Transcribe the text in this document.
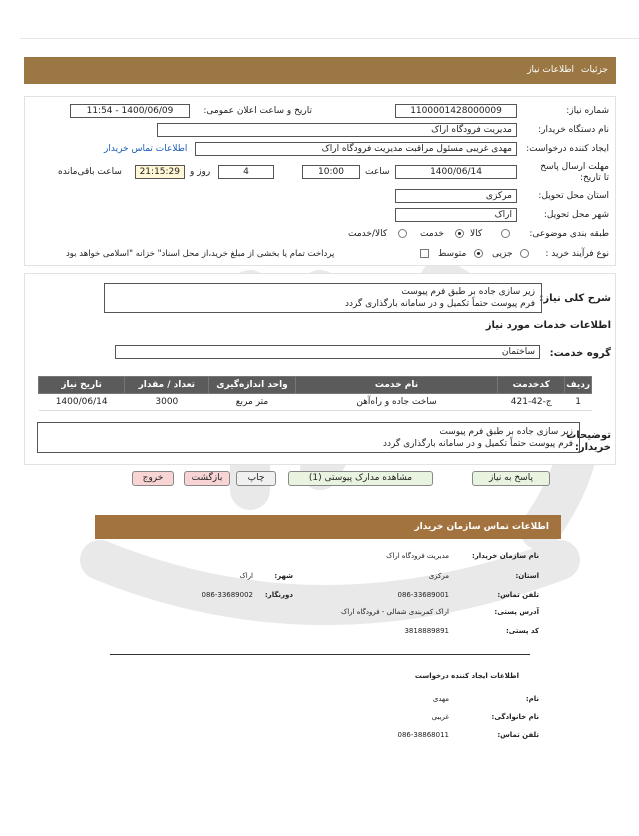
جزئیات
اطلاعات نیاز
شماره نیاز:
1100001428000009
تاریخ و ساعت اعلان عمومی:
1400/06/09 - 11:54
نام دستگاه خریدار:
مدیریت فرودگاه اراک
ایجاد کننده درخواست:
مهدی غریبی مسئول مراقبت مدیریت فرودگاه اراک
اطلاعات تماس خریدار
مهلت ارسال پاسخ تا تاریخ:
1400/06/14
ساعت
10:00
4
روز و
21:15:29
ساعت باقی‌مانده
استان محل تحویل:
مرکزی
شهر محل تحویل:
اراک
طبقه بندی موضوعی:
کالا
خدمت
کالا/خدمت
نوع فرآیند خرید :
جزیی
متوسط
پرداخت تمام یا بخشی از مبلغ خرید،از محل اسناد" خزانه "اسلامی خواهد بود
شرح کلی نیاز:
زیر سازی جاده بر طبق فرم پیوست
فرم پیوست حتماً تکمیل و در سامانه بارگذاری گردد
اطلاعات خدمات مورد نیاز
گروه خدمت:
ساختمان
ردیف	کدخدمت	نام خدمت	واحد اندازه‌گیری	تعداد / مقدار	تاریخ نیاز
1	ج-42-421	ساخت جاده و راه‌آهن	متر مربع	3000	1400/06/14
توضیحات خریدار:
زیر سازی جاده بر طبق فرم پیوست
فرم پیوست حتماً تکمیل و در سامانه بارگذاری گردد
پاسخ به نیاز
مشاهده مدارک پیوستی (1)
چاپ
بازگشت
خروج
اطلاعات تماس سازمان خریدار
نام سازمان خریدار:
مدیریت فرودگاه اراک
استان:
مرکزی
شهر:
اراک
تلفن تماس:
086-33689001
دورنگار:
086-33689002
آدرس پستی:
اراک کمربندی شمالی - فرودگاه اراک
کد پستی:
3818889891
اطلاعات ایجاد کننده درخواست
نام:
مهدی
نام خانوادگی:
غریبی
تلفن تماس:
086-38868011
